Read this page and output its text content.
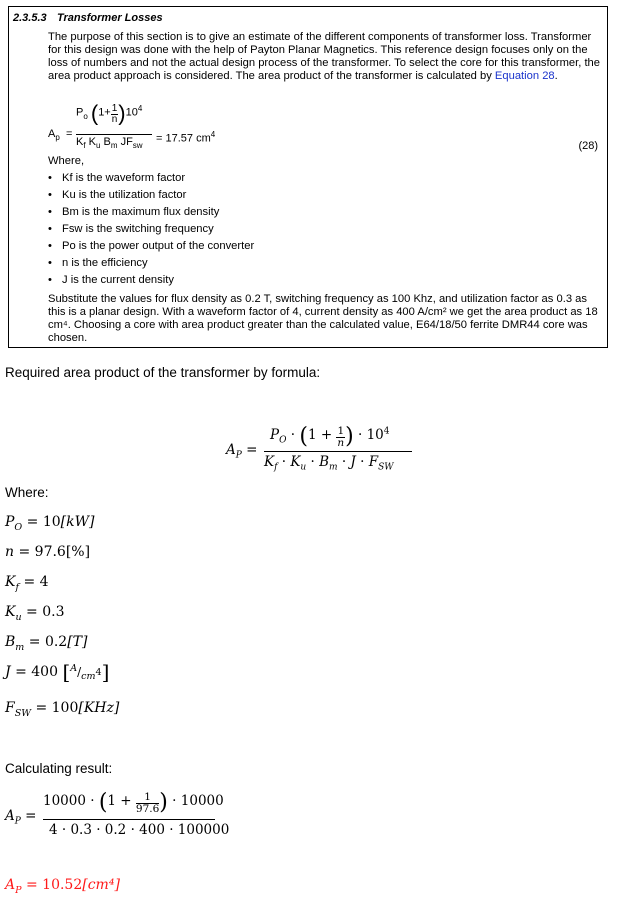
2.3.5.3 Transformer Losses
The purpose of this section is to give an estimate of the different components of transformer loss. Transformer for this design was done with the help of Payton Planar Magnetics. This reference design focuses only on the loss of numbers and not the actual design process of the transformer. To select the core for this transformer, the area product approach is considered. The area product of the transformer is calculated by Equation 28.
$A_p$ =
$P_o$ $(1+ \frac{1}{n} )10^4$
$K_f$ $K_u$ $B_m$ $JF_{sw}$
= 17.57 $cm^4$
(28)
Where,
• Kf is the waveform factor
• Ku is the utilization factor
• Bm is the maximum flux density
• Fsw is the switching frequency
• Po is the power output of the converter
• n is the efficiency
• J is the current density
Substitute the values for flux density as 0.2 T, switching frequency as 100 Khz, and utilization factor as 0.3 as this is a planar design. With a waveform factor of 4, current density as 400 A/cm² we get the area product as 18 cm⁴. Choosing a core with area product greater than the calculated value, E64/18/50 ferrite DMR44 core was chosen.
Required area product of the transformer by formula:
$A_P$ =
$P_O \cdot (1 + \frac{1}{n}$ ) · $10^4$
$K_f \cdot K_u \cdot B_m \cdot J \cdot F_{SW}$
Where:
$P_O = 10[kW]$
n = 97.6[%]
$K_f = 4$
$K_u = 0.3$
$B_m = 0.2[T]$
J = 400 $[^A/_{cm^4}]$
$F_{SW} = 100[KHz]$
Calculating result:
$A_P$ =
$10000 \cdot (1 + \frac{1}{97.6}$ ) · 10000
4 · 0.3 · 0.2 · 400 · 100000
$A_P = 10.52[cm^4]$
